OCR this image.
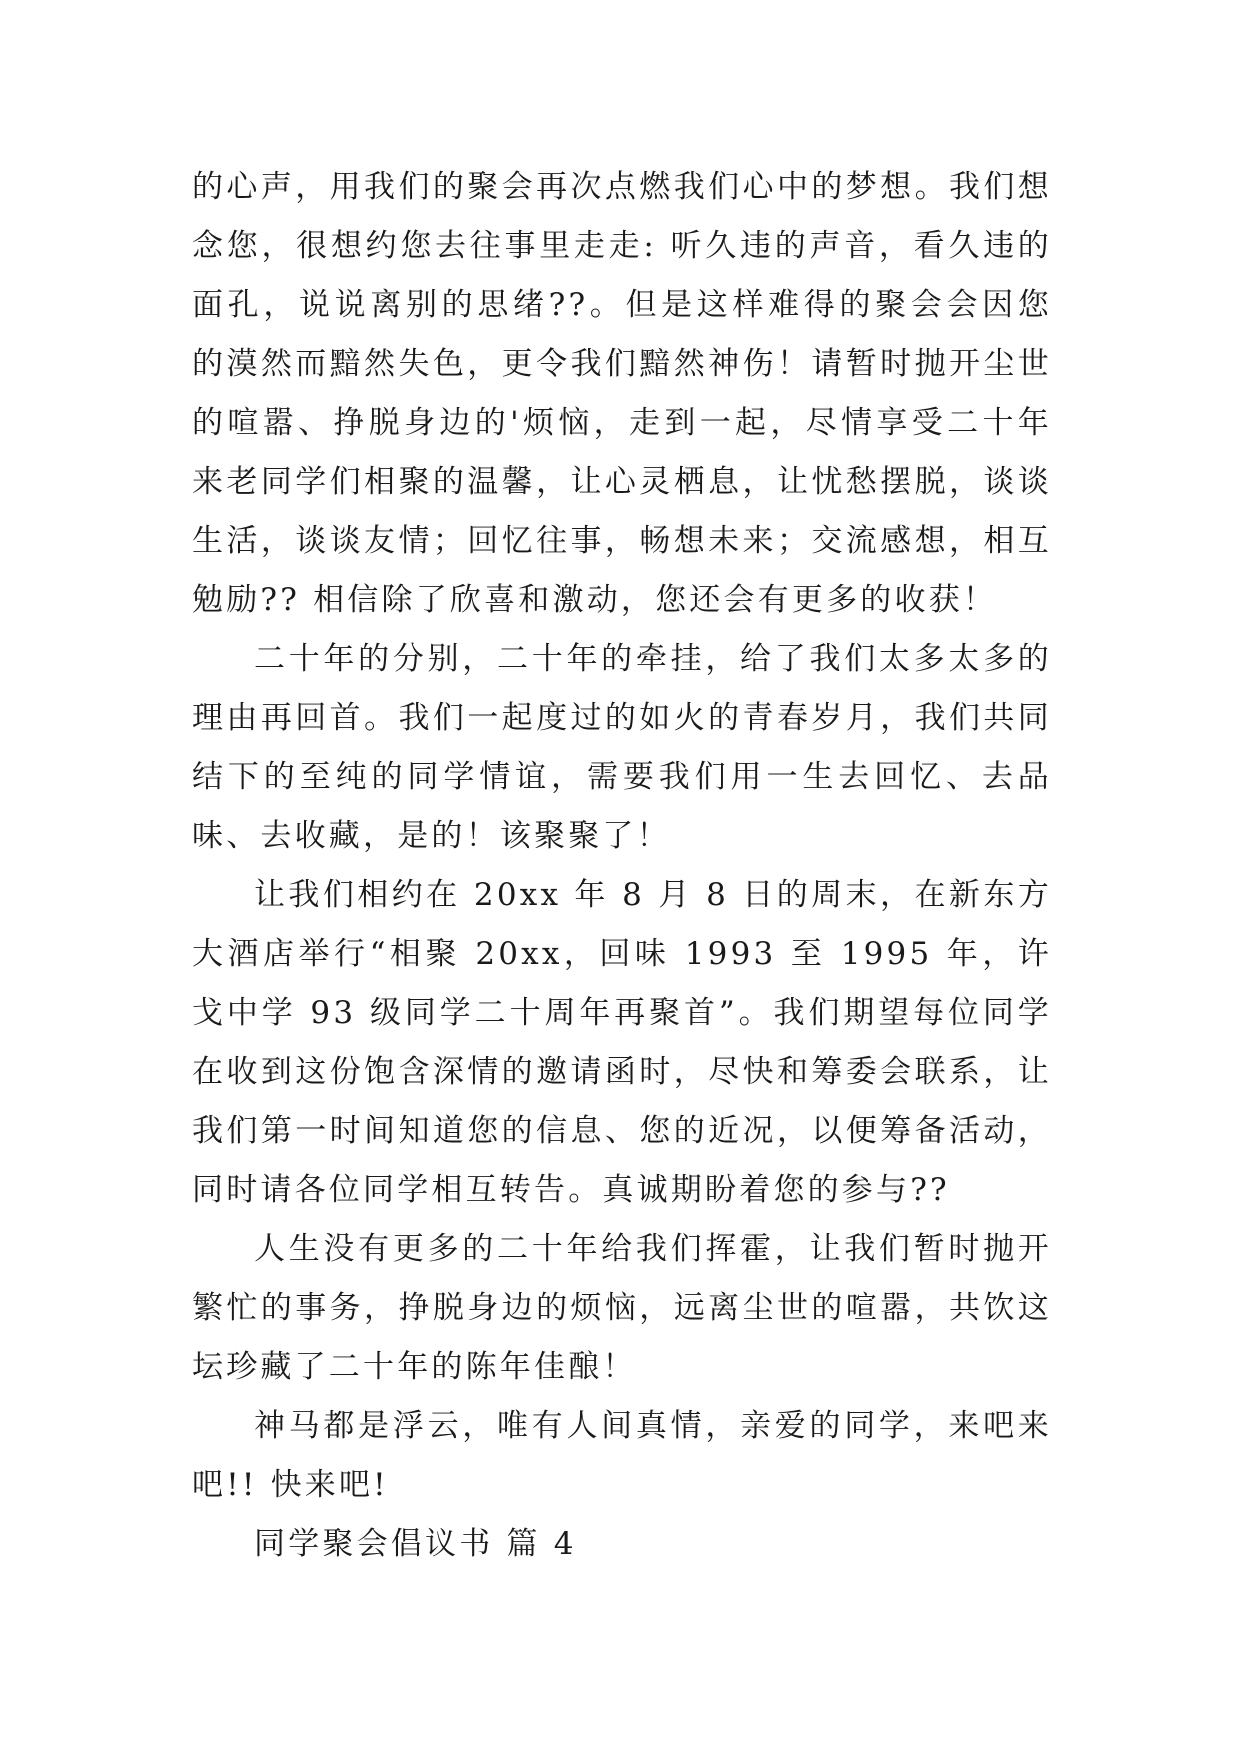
的心声，用我们的聚会再次点燃我们心中的梦想。我们想念您，很想约您去往事里走走: 听久违的声音，看久违的面孔，说说离别的思绪??。但是这样难得的聚会会因您的漠然而黯然失色，更令我们黯然神伤！请暂时抛开尘世的喧嚣、挣脱身边的'烦恼，走到一起，尽情享受二十年来老同学们相聚的温馨，让心灵栖息，让忧愁摆脱，谈谈生活，谈谈友情；回忆往事，畅想未来；交流感想，相互勉励?? 相信除了欣喜和激动，您还会有更多的收获！

二十年的分别，二十年的牵挂，给了我们太多太多的理由再回首。我们一起度过的如火的青春岁月，我们共同结下的至纯的同学情谊，需要我们用一生去回忆、去品味、去收藏，是的！该聚聚了！

让我们相约在 20xx 年 8 月 8 日的周末，在新东方大酒店举行“相聚 20xx，回味 1993 至 1995 年，许戈中学 93 级同学二十周年再聚首”。我们期望每位同学在收到这份饱含深情的邀请函时，尽快和筹委会联系，让我们第一时间知道您的信息、您的近况，以便筹备活动，同时请各位同学相互转告。真诚期盼着您的参与??

人生没有更多的二十年给我们挥霍，让我们暂时抛开繁忙的事务，挣脱身边的烦恼，远离尘世的喧嚣，共饮这坛珍藏了二十年的陈年佳酿！

神马都是浮云，唯有人间真情，亲爱的同学，来吧来吧!! 快来吧!

同学聚会倡议书 篇 4
